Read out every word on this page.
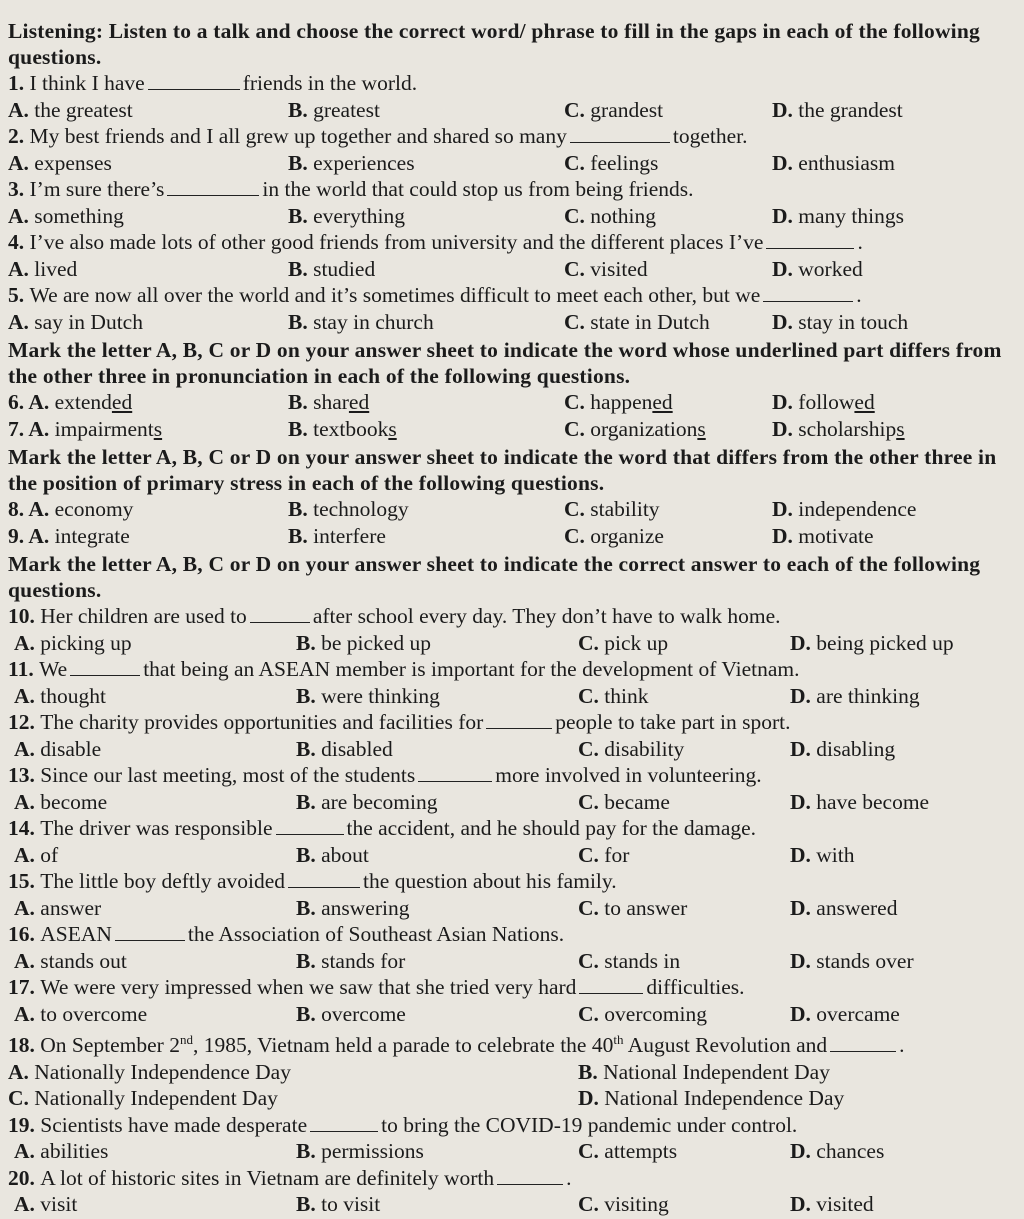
Listening: Listen to a talk and choose the correct word/ phrase to fill in the gaps in each of the following questions.
1. I think I have	friends in the world.
A. the greatest	B. greatest	C. grandest	D. the grandest
2. My best friends and I all grew up together and shared so many	together.
A. expenses	B. experiences	C. feelings	D. enthusiasm
3. I’m sure there’s	in the world that could stop us from being friends.
A. something	B. everything	C. nothing	D. many things
4. I’ve also made lots of other good friends from university and the different places I’ve	.
A. lived	B. studied	C. visited	D. worked
5. We are now all over the world and it’s sometimes difficult to meet each other, but we	.
A. say in Dutch	B. stay in church	C. state in Dutch	D. stay in touch
Mark the letter A, B, C or D on your answer sheet to indicate the word whose underlined part differs from the other three in pronunciation in each of the following questions.
6. A. extended	B. shared	C. happened	D. followed
7. A. impairments	B. textbooks	C. organizations	D. scholarships
Mark the letter A, B, C or D on your answer sheet to indicate the word that differs from the other three in the position of primary stress in each of the following questions.
8. A. economy	B. technology	C. stability	D. independence
9. A. integrate	B. interfere	C. organize	D. motivate
Mark the letter A, B, C or D on your answer sheet to indicate the correct answer to each of the following questions.
10. Her children are used to	after school every day. They don’t have to walk home.
A. picking up	B. be picked up	C. pick up	D. being picked up
11. We	that being an ASEAN member is important for the development of Vietnam.
A. thought	B. were thinking	C. think	D. are thinking
12. The charity provides opportunities and facilities for	people to take part in sport.
A. disable	B. disabled	C. disability	D. disabling
13. Since our last meeting, most of the students	more involved in volunteering.
A. become	B. are becoming	C. became	D. have become
14. The driver was responsible	the accident, and he should pay for the damage.
A. of	B. about	C. for	D. with
15. The little boy deftly avoided	the question about his family.
A. answer	B. answering	C. to answer	D. answered
16. ASEAN	the Association of Southeast Asian Nations.
A. stands out	B. stands for	C. stands in	D. stands over
17. We were very impressed when we saw that she tried very hard	difficulties.
A. to overcome	B. overcome	C. overcoming	D. overcame
18. On September 2nd, 1985, Vietnam held a parade to celebrate the 40th August Revolution and	.
A. Nationally Independence Day	B. National Independent Day
C. Nationally Independent Day	D. National Independence Day
19. Scientists have made desperate	to bring the COVID-19 pandemic under control.
A. abilities	B. permissions	C. attempts	D. chances
20. A lot of historic sites in Vietnam are definitely worth	.
A. visit	B. to visit	C. visiting	D. visited
